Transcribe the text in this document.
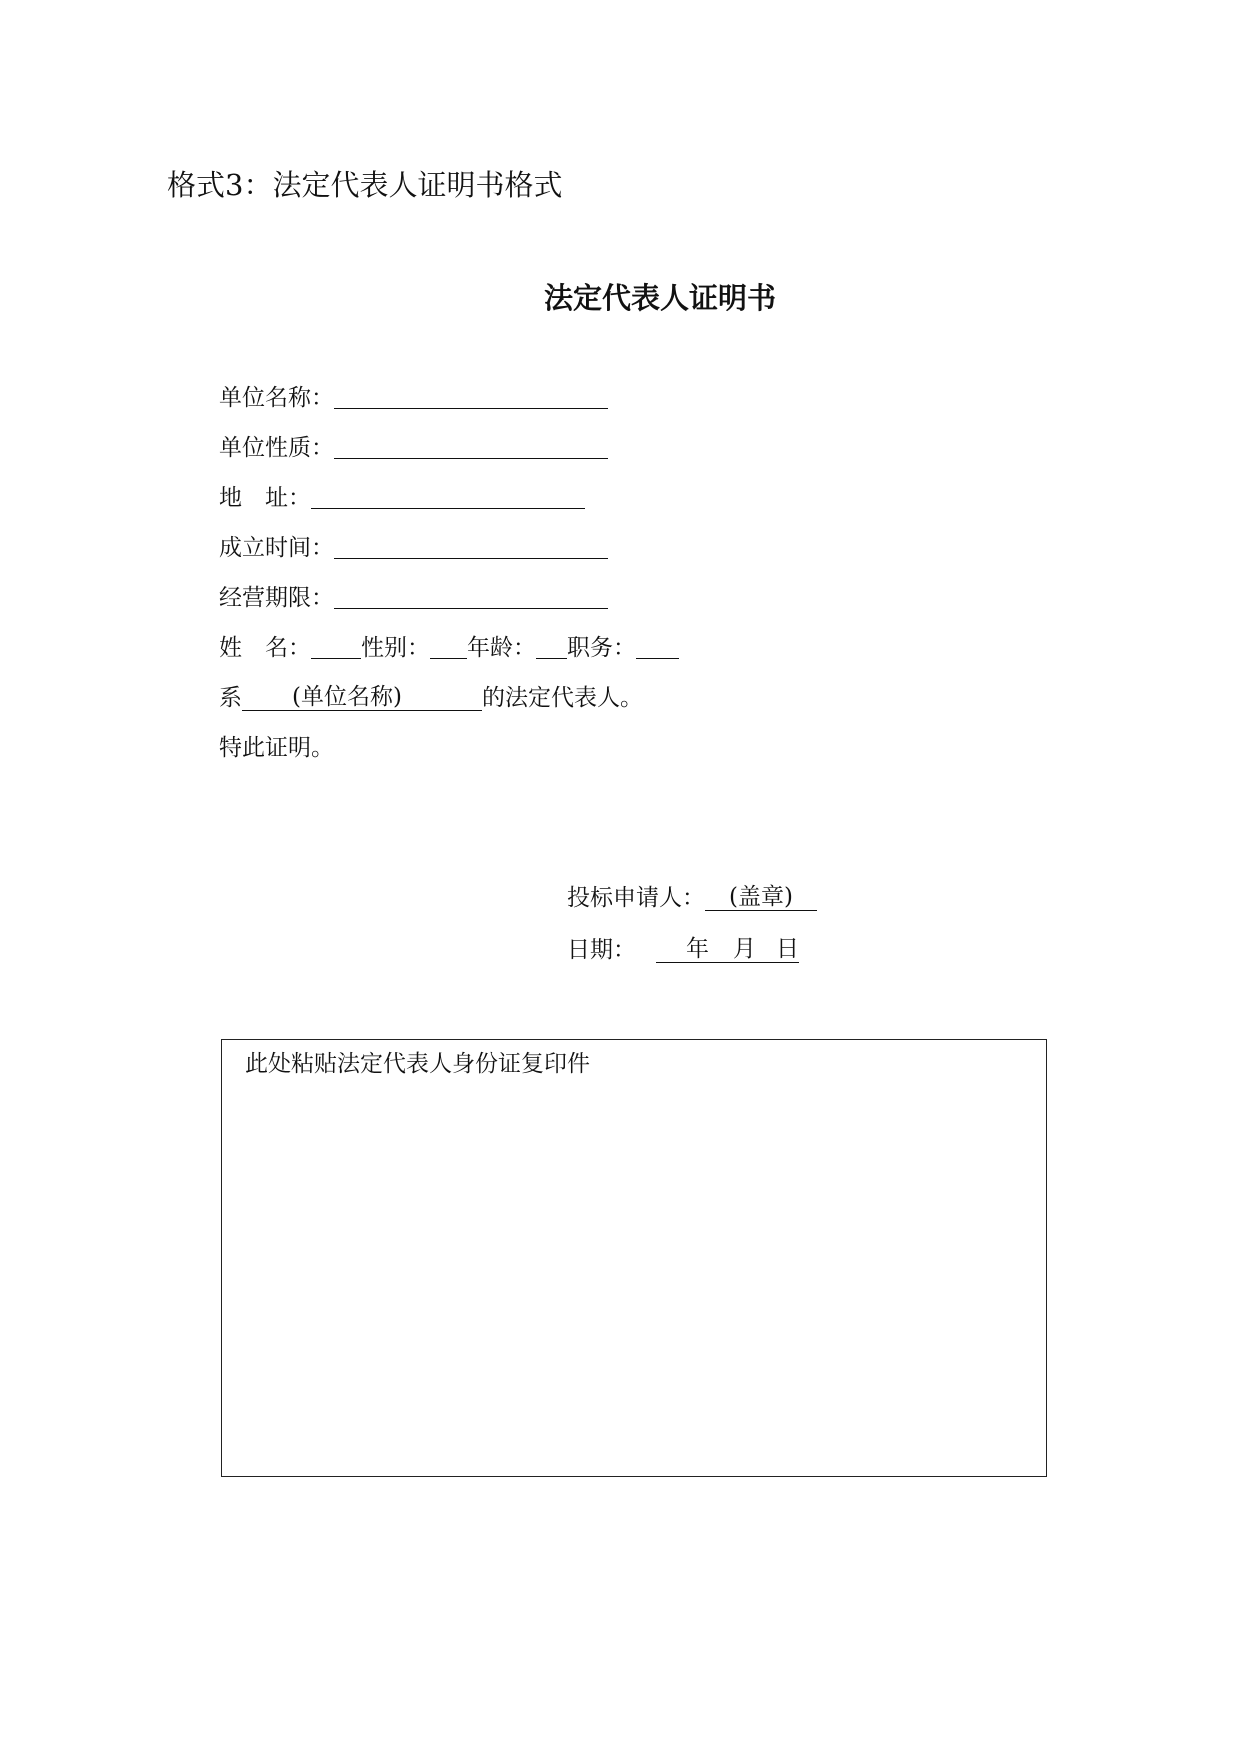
格式3：法定代表人证明书格式
法定代表人证明书
单位名称：
单位性质：
地　址：
成立时间：
经营期限：
姓　名： 性别： 年龄： 职务：
系	(单位名称)	的法定代表人。
特此证明。
投标申请人：	(盖章)
日期：	年 月 日
此处粘贴法定代表人身份证复印件
